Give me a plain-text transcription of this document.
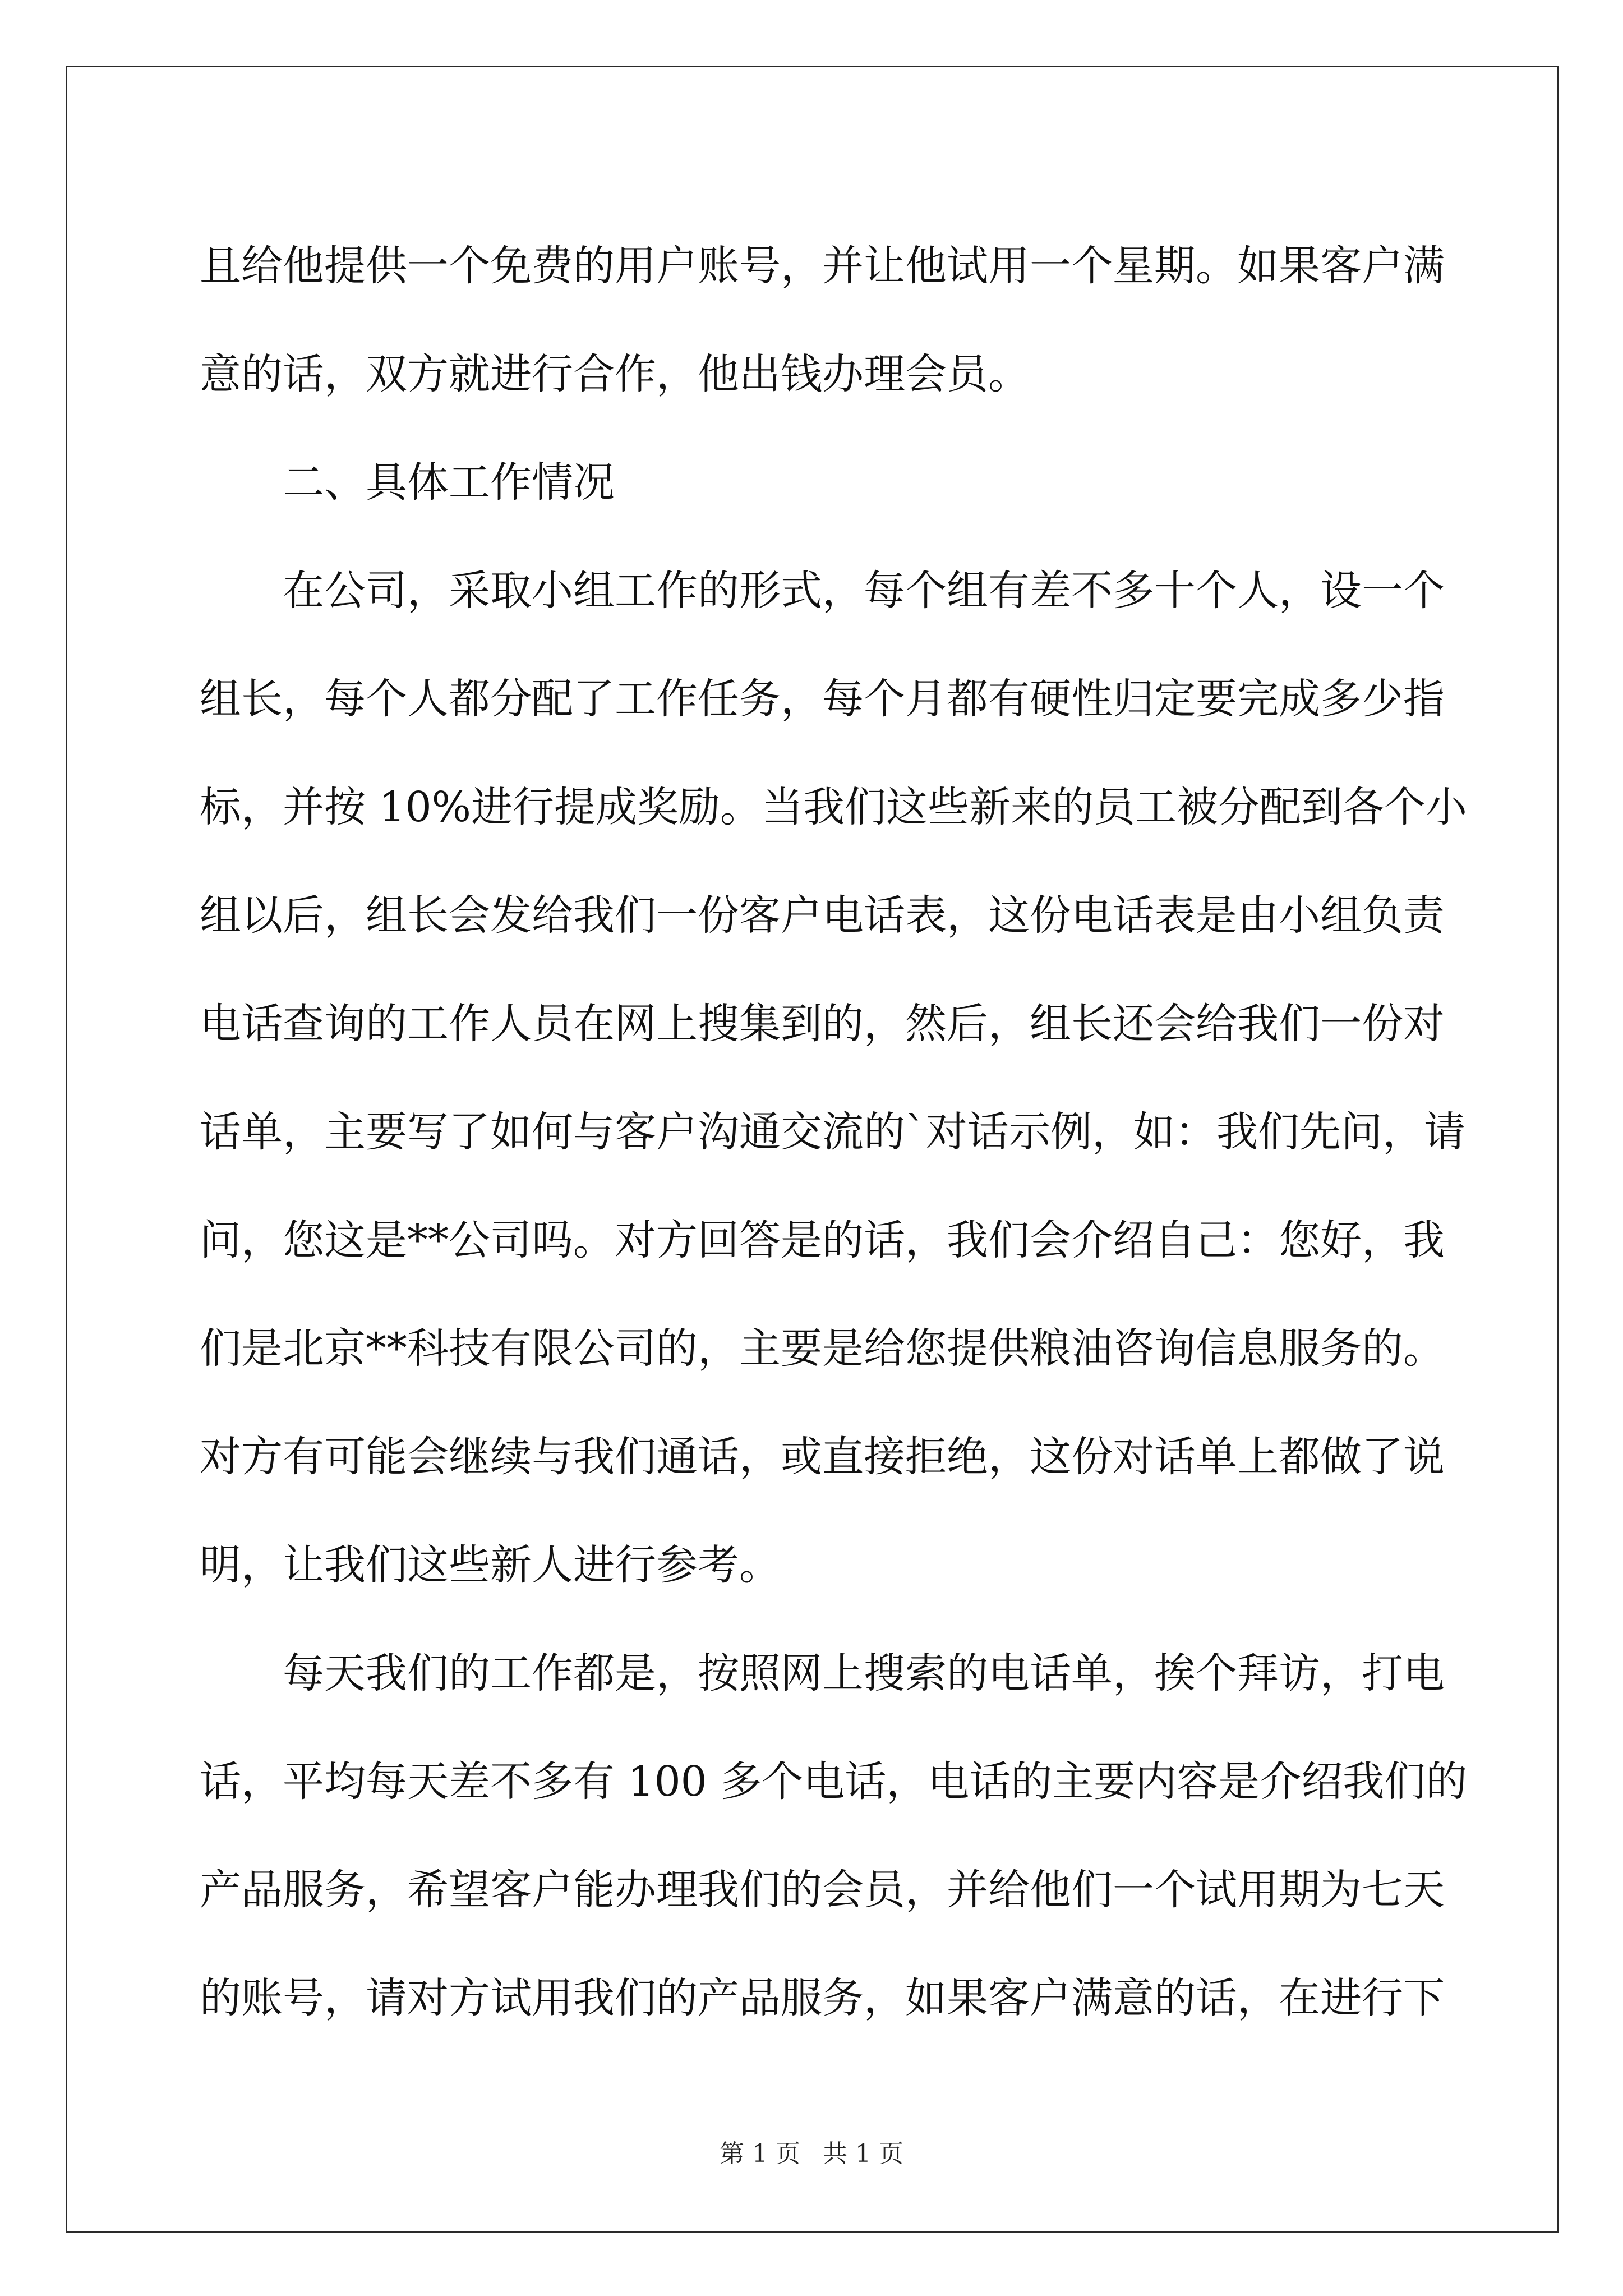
且给他提供一个免费的用户账号，并让他试用一个星期。如果客户满
意的话，双方就进行合作，他出钱办理会员。
二、具体工作情况
在公司，采取小组工作的形式，每个组有差不多十个人，设一个
组长，每个人都分配了工作任务，每个月都有硬性归定要完成多少指
标，并按 10%进行提成奖励。当我们这些新来的员工被分配到各个小
组以后，组长会发给我们一份客户电话表，这份电话表是由小组负责
电话查询的工作人员在网上搜集到的，然后，组长还会给我们一份对
话单，主要写了如何与客户沟通交流的`对话示例，如：我们先问，请
问，您这是**公司吗。对方回答是的话，我们会介绍自己：您好，我
们是北京**科技有限公司的，主要是给您提供粮油咨询信息服务的。
对方有可能会继续与我们通话，或直接拒绝，这份对话单上都做了说
明，让我们这些新人进行参考。
每天我们的工作都是，按照网上搜索的电话单，挨个拜访，打电
话，平均每天差不多有 100 多个电话，电话的主要内容是介绍我们的
产品服务，希望客户能办理我们的会员，并给他们一个试用期为七天
的账号，请对方试用我们的产品服务，如果客户满意的话，在进行下
第 1 页 共 1 页
